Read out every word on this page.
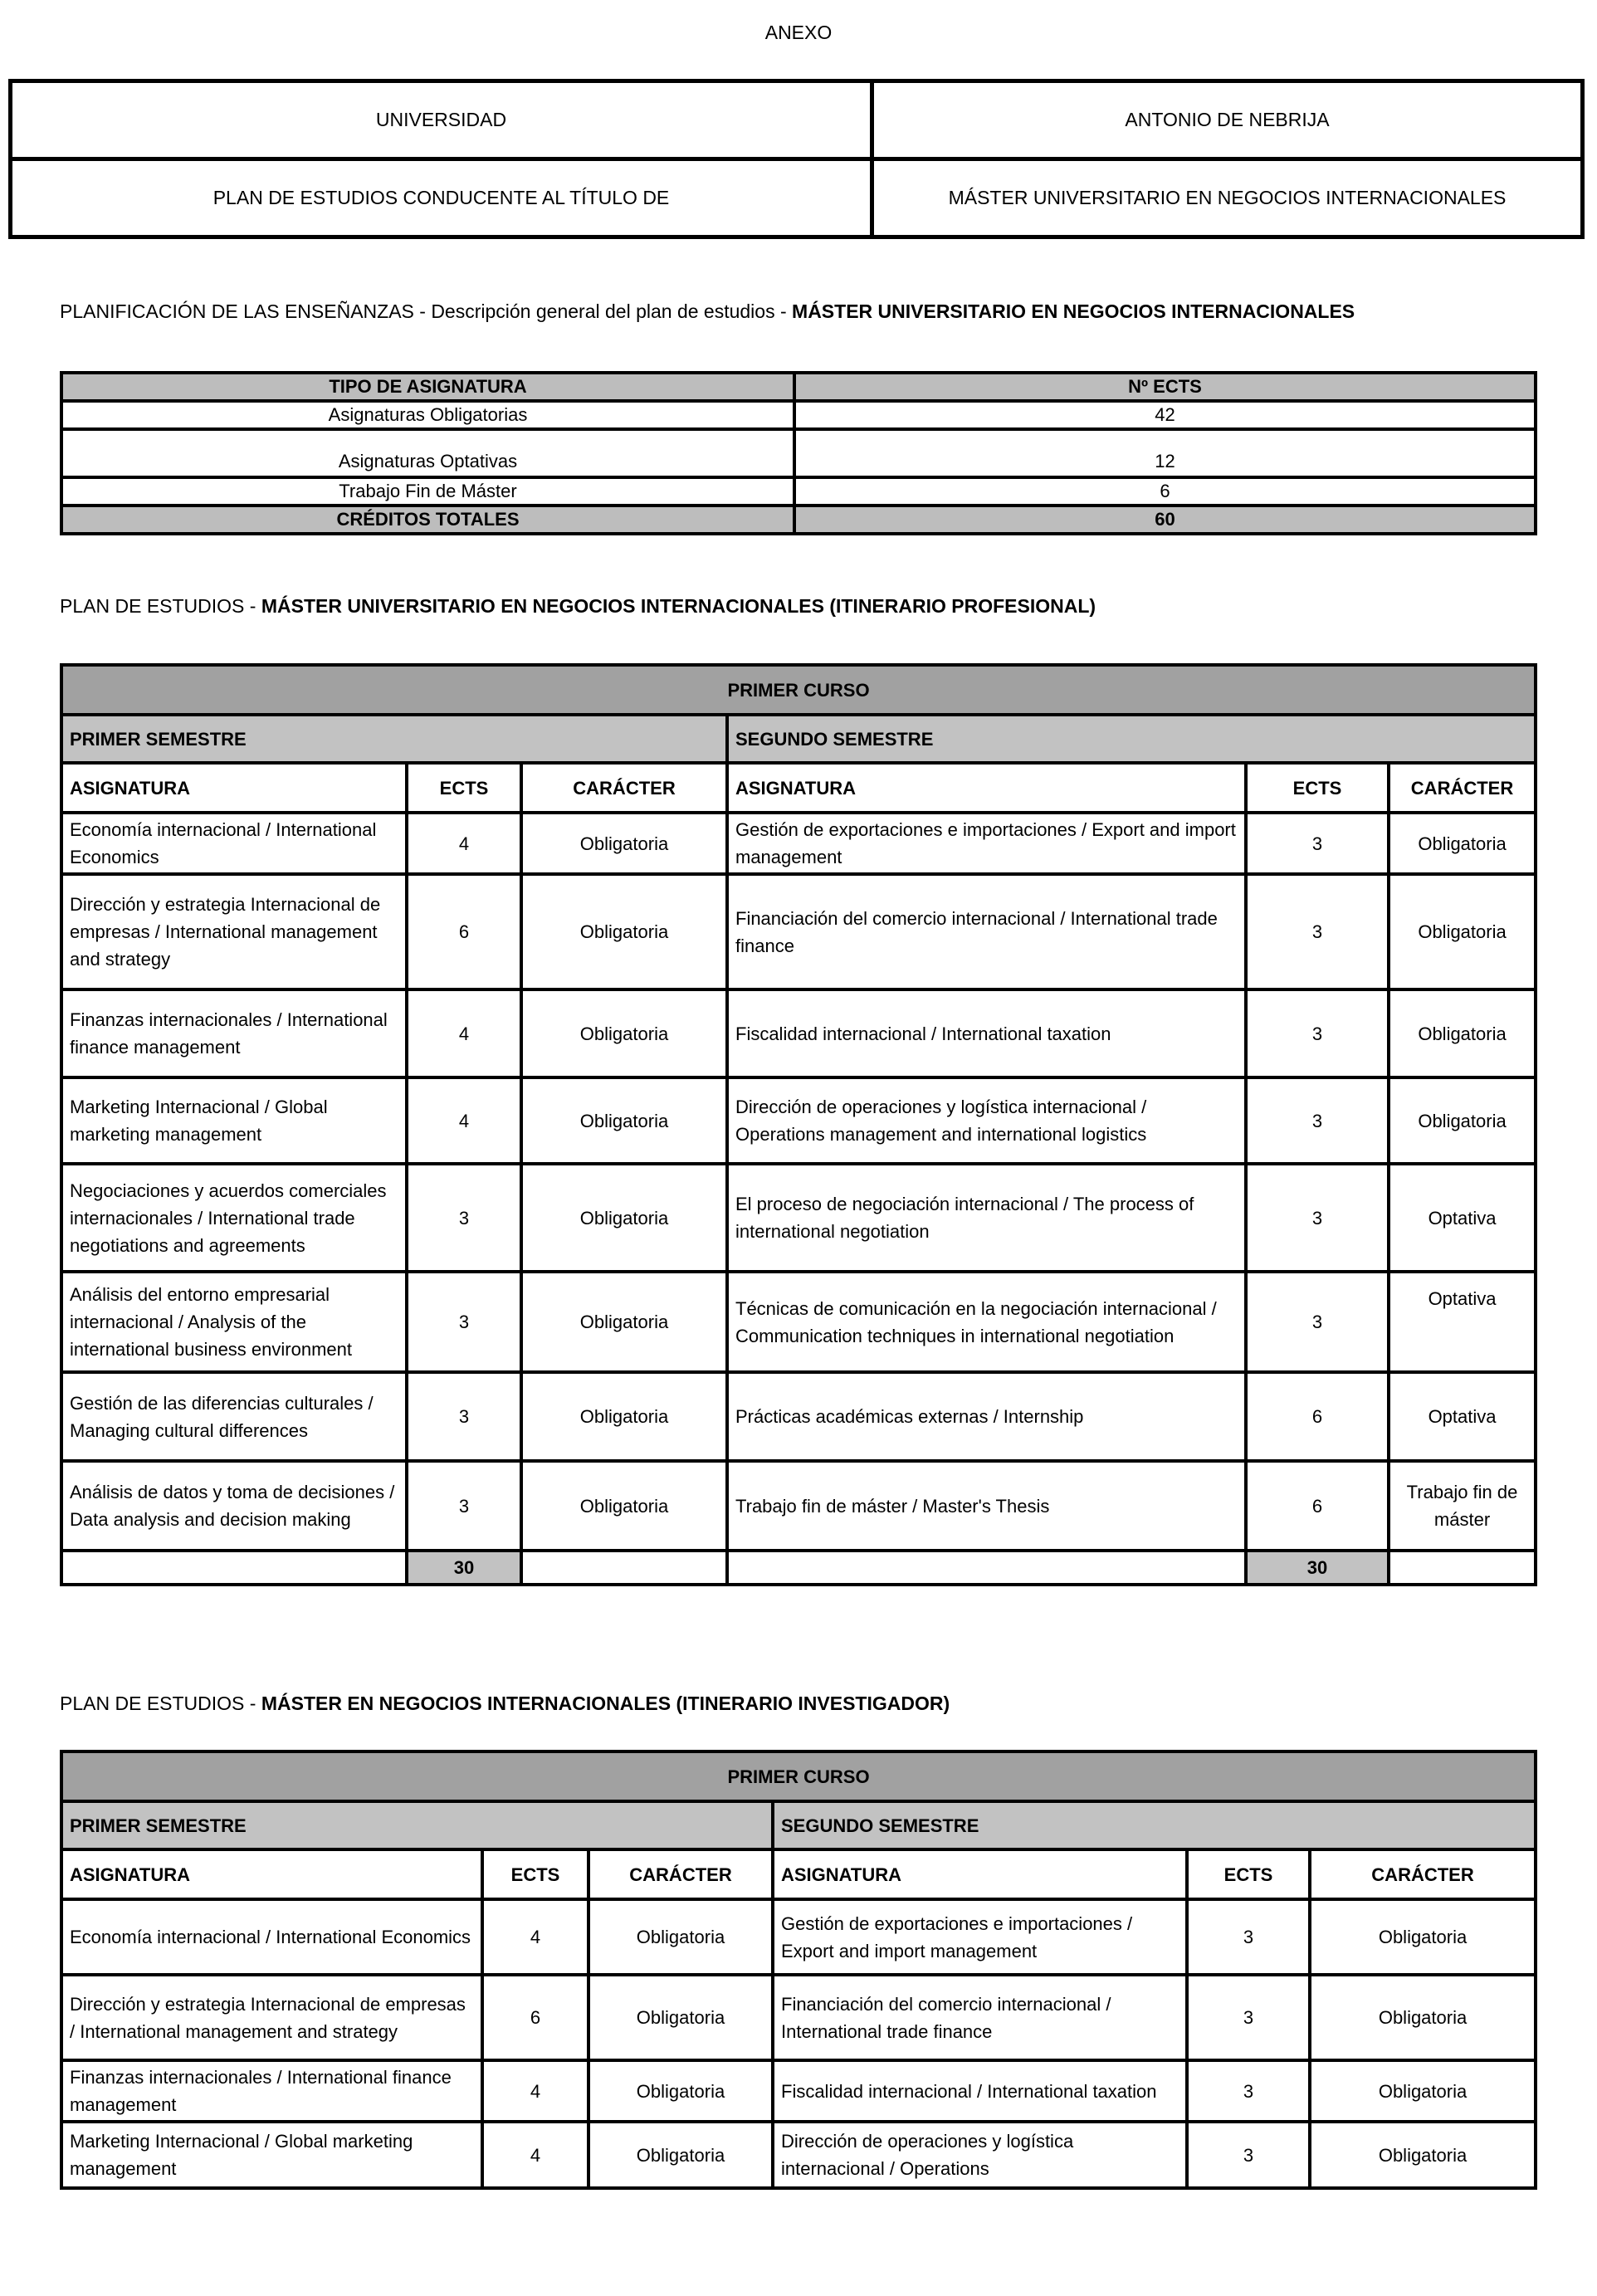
ANEXO
UNIVERSIDAD	ANTONIO DE NEBRIJA
PLAN DE ESTUDIOS CONDUCENTE AL TÍTULO DE	MÁSTER UNIVERSITARIO EN NEGOCIOS INTERNACIONALES

PLANIFICACIÓN DE LAS ENSEÑANZAS - Descripción general del plan de estudios - MÁSTER UNIVERSITARIO EN NEGOCIOS INTERNACIONALES

TIPO DE ASIGNATURA	Nº ECTS
Asignaturas Obligatorias	42
Asignaturas Optativas	12
Trabajo Fin de Máster	6
CRÉDITOS TOTALES	60

PLAN DE ESTUDIOS - MÁSTER UNIVERSITARIO EN NEGOCIOS INTERNACIONALES (ITINERARIO PROFESIONAL)

PRIMER CURSO					
PRIMER SEMESTRE			SEGUNDO SEMESTRE		
ASIGNATURA	ECTS	CARÁCTER	ASIGNATURA	ECTS	CARÁCTER
Economía internacional / International Economics	4	Obligatoria	Gestión de exportaciones e importaciones / Export and import management	3	Obligatoria
Dirección y estrategia Internacional de empresas / International management and strategy	6	Obligatoria	Financiación del comercio internacional / International trade finance	3	Obligatoria
Finanzas internacionales / International finance management	4	Obligatoria	Fiscalidad internacional / International taxation	3	Obligatoria
Marketing Internacional / Global marketing management	4	Obligatoria	Dirección de operaciones y logística internacional / Operations management and international logistics	3	Obligatoria
Negociaciones y acuerdos comerciales internacionales / International trade negotiations and agreements	3	Obligatoria	El proceso de negociación internacional / The process of international negotiation	3	Optativa
Análisis del entorno empresarial internacional / Analysis of the international business environment	3	Obligatoria	Técnicas de comunicación en la negociación internacional / Communication techniques in international negotiation	3	Optativa
Gestión de las diferencias culturales / Managing cultural differences	3	Obligatoria	Prácticas académicas externas / Internship	6	Optativa
Análisis de datos y toma de decisiones / Data analysis and decision making	3	Obligatoria	Trabajo fin de máster / Master's Thesis	6	Trabajo fin de máster
	30			30	

PLAN DE ESTUDIOS - MÁSTER EN NEGOCIOS INTERNACIONALES (ITINERARIO INVESTIGADOR)

PRIMER CURSO					
PRIMER SEMESTRE			SEGUNDO SEMESTRE		
ASIGNATURA	ECTS	CARÁCTER	ASIGNATURA	ECTS	CARÁCTER
Economía internacional / International Economics	4	Obligatoria	Gestión de exportaciones e importaciones / Export and import management	3	Obligatoria
Dirección y estrategia Internacional de empresas / International management and strategy	6	Obligatoria	Financiación del comercio internacional / International trade finance	3	Obligatoria
Finanzas internacionales / International finance management	4	Obligatoria	Fiscalidad internacional / International taxation	3	Obligatoria
Marketing Internacional / Global marketing management	4	Obligatoria	Dirección de operaciones y logística internacional / Operations	3	Obligatoria
